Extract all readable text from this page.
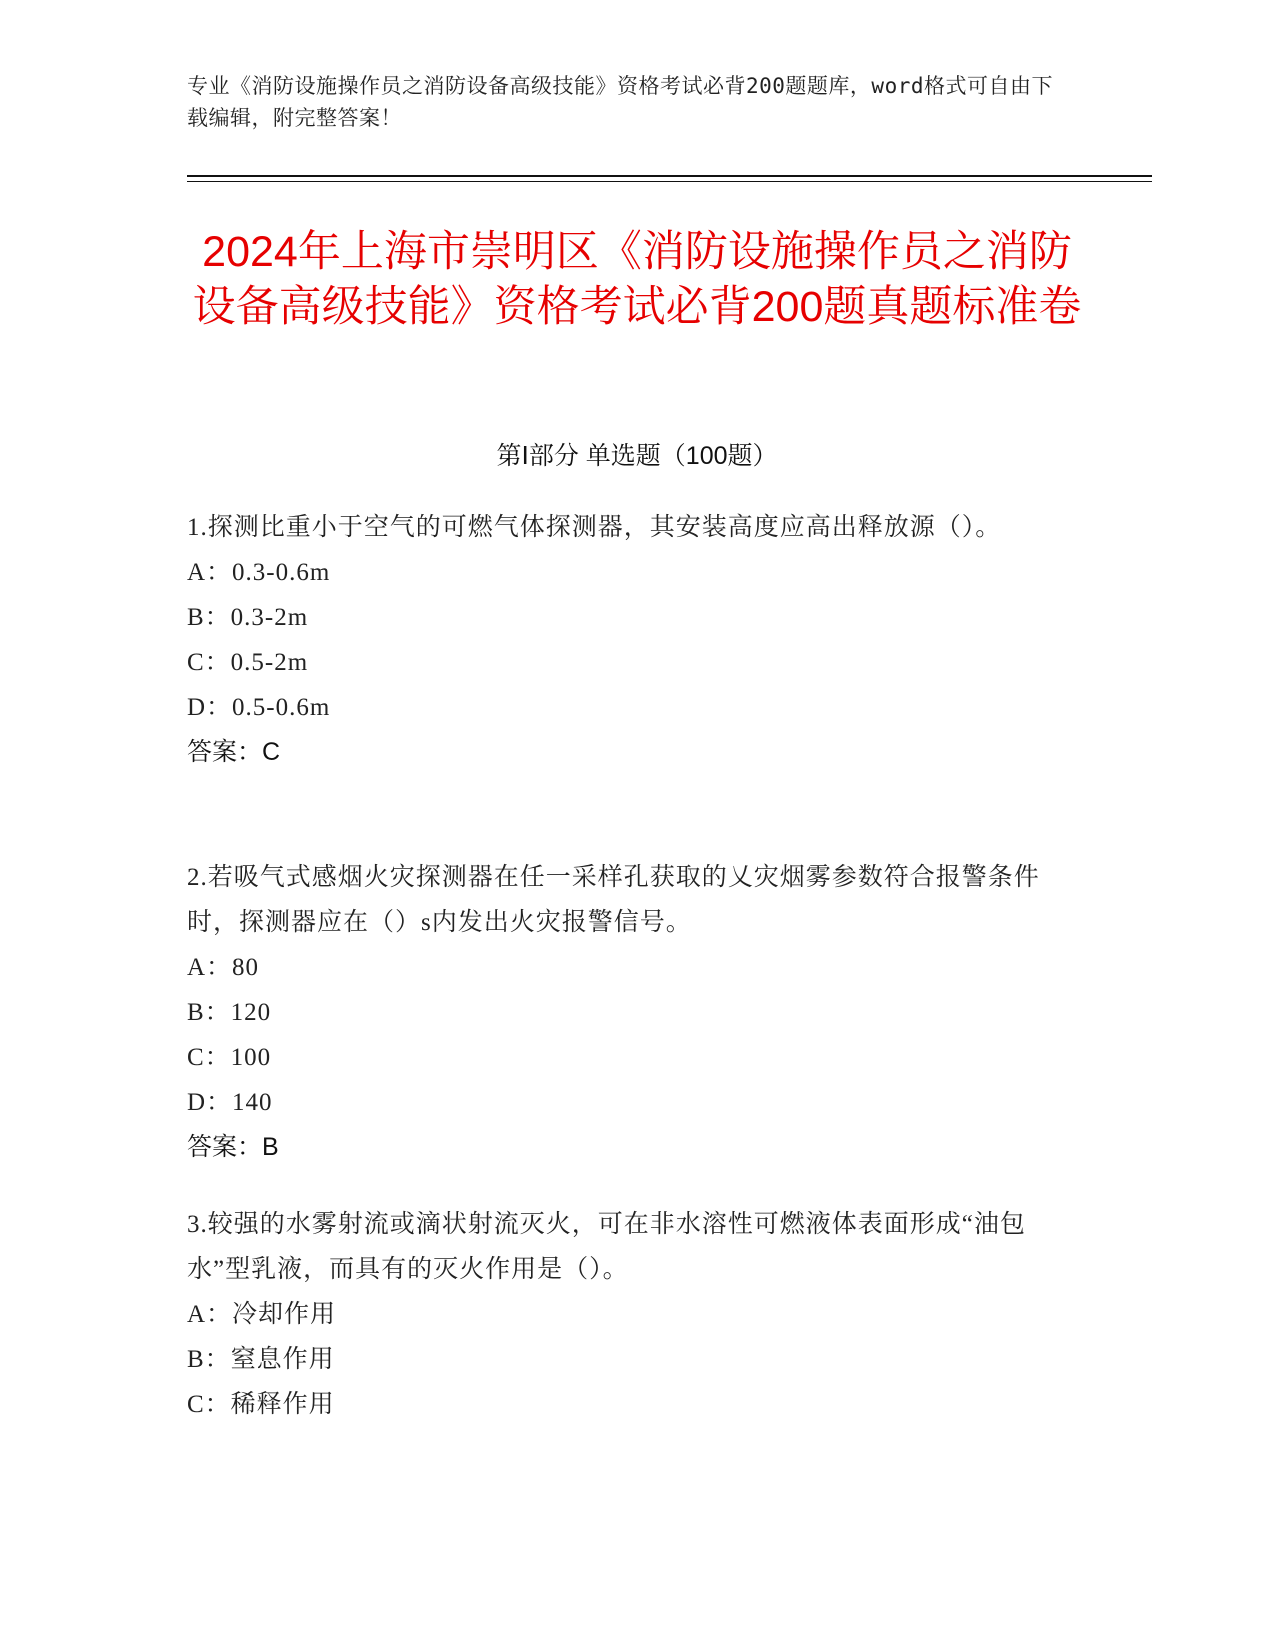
专业《消防设施操作员之消防设备高级技能》资格考试必背200题题库，word格式可自由下载编辑，附完整答案！
2024年上海市崇明区《消防设施操作员之消防设备高级技能》资格考试必背200题真题标准卷
第Ⅰ部分 单选题（100题）

1.探测比重小于空气的可燃气体探测器，其安装高度应高出释放源（）。

A：0.3-0.6m

B：0.3-2m

C：0.5-2m

D：0.5-0.6m

答案：C

2.若吸气式感烟火灾探测器在任一采样孔获取的乂灾烟雾参数符合报警条件时，探测器应在（）s内发出火灾报警信号。

A：80

B：120

C：100

D：140

答案：B

3.较强的水雾射流或滴状射流灭火，可在非水溶性可燃液体表面形成“油包水”型乳液，而具有的灭火作用是（）。

A：冷却作用

B：窒息作用

C：稀释作用
